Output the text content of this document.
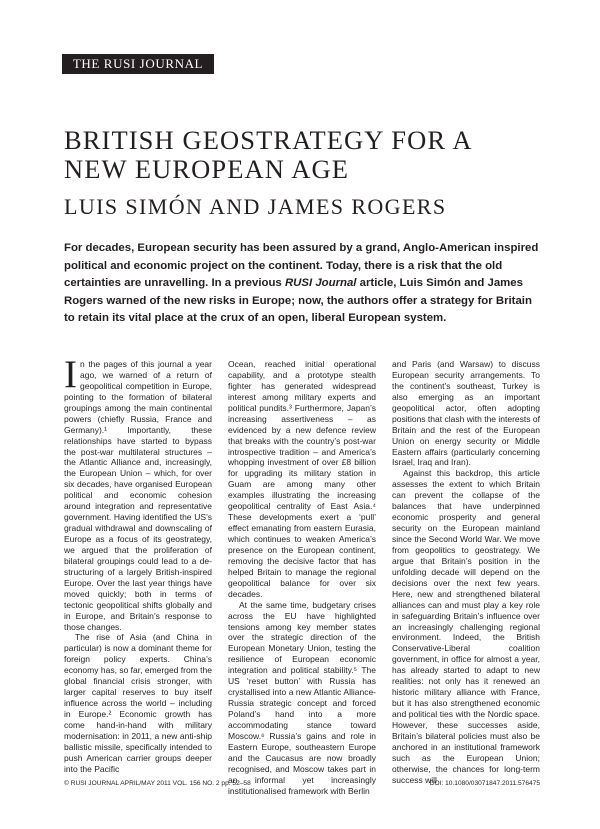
THE RUSI JOURNAL
BRITISH GEOSTRATEGY FOR A NEW EUROPEAN AGE
LUIS SIMÓN AND JAMES ROGERS

For decades, European security has been assured by a grand, Anglo-American inspired political and economic project on the continent. Today, there is a risk that the old certainties are unravelling. In a previous RUSI Journal article, Luis Simón and James Rogers warned of the new risks in Europe; now, the authors offer a strategy for Britain to retain its vital place at the crux of an open, liberal European system.

In the pages of this journal a year ago, we warned of a return of geopolitical competition in Europe, pointing to the formation of bilateral groupings among the main continental powers (chiefly Russia, France and Germany).¹ Importantly, these relationships have started to bypass the post-war multilateral structures – the Atlantic Alliance and, increasingly, the European Union – which, for over six decades, have organised European political and economic cohesion around integration and representative government. Having identified the US’s gradual withdrawal and downscaling of Europe as a focus of its geostrategy, we argued that the proliferation of bilateral groupings could lead to a de-structuring of a largely British-inspired Europe. Over the last year things have moved quickly; both in terms of tectonic geopolitical shifts globally and in Europe, and Britain’s response to those changes.

The rise of Asia (and China in particular) is now a dominant theme for foreign policy experts. China’s economy has, so far, emerged from the global financial crisis stronger, with larger capital reserves to buy itself influence across the world – including in Europe.² Economic growth has come hand-in-hand with military modernisation: in 2011, a new anti-ship ballistic missile, specifically intended to push American carrier groups deeper into the Pacific

Ocean, reached initial operational capability, and a prototype stealth fighter has generated widespread interest among military experts and political pundits.³ Furthermore, Japan’s increasing assertiveness – as evidenced by a new defence review that breaks with the country’s post-war introspective tradition – and America’s whopping investment of over £8 billion for upgrading its military station in Guam are among many other examples illustrating the increasing geopolitical centrality of East Asia.⁴ These developments exert a ‘pull’ effect emanating from eastern Eurasia, which continues to weaken America’s presence on the European continent, removing the decisive factor that has helped Britain to manage the regional geopolitical balance for over six decades.

At the same time, budgetary crises across the EU have highlighted tensions among key member states over the strategic direction of the European Monetary Union, testing the resilience of European economic integration and political stability.⁵ The US ‘reset button’ with Russia has crystallised into a new Atlantic Alliance-Russia strategic concept and forced Poland’s hand into a more accommodating stance toward Moscow.⁶ Russia’s gains and role in Eastern Europe, southeastern Europe and the Caucasus are now broadly recognised, and Moscow takes part in an informal yet increasingly institutionalised framework with Berlin

and Paris (and Warsaw) to discuss European security arrangements. To the continent’s southeast, Turkey is also emerging as an important geopolitical actor, often adopting positions that clash with the interests of Britain and the rest of the European Union on energy security or Middle Eastern affairs (particularly concerning Israel, Iraq and Iran).

Against this backdrop, this article assesses the extent to which Britain can prevent the collapse of the balances that have underpinned economic prosperity and general security on the European mainland since the Second World War. We move from geopolitics to geostrategy. We argue that Britain’s position in the unfolding decade will depend on the decisions over the next few years. Here, new and strengthened bilateral alliances can and must play a key role in safeguarding Britain’s influence over an increasingly challenging regional environment. Indeed, the British Conservative-Liberal coalition government, in office for almost a year, has already started to adapt to new realities: not only has it renewed an historic military alliance with France, but it has also strengthened economic and political ties with the Nordic space. However, these successes aside, Britain’s bilateral policies must also be anchored in an institutional framework such as the European Union; otherwise, the chances for long-term success will

© RUSI JOURNAL APRIL/MAY 2011 VOL. 156 NO. 2 pp. 52–58	DOI: 10.1080/03071847.2011.576475
